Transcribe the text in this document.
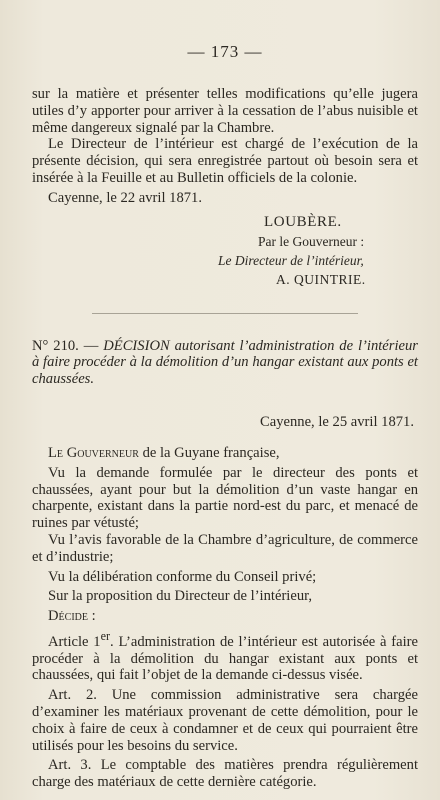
— 173 —

sur la matière et présenter telles modifications qu’elle jugera utiles d’y apporter pour arriver à la cessation de l’abus nuisible et même dangereux signalé par la Chambre.

Le Directeur de l’intérieur est chargé de l’exécution de la présente décision, qui sera enregistrée partout où besoin sera et insérée à la Feuille et au Bulletin officiels de la colonie.

Cayenne, le 22 avril 1871.

LOUBÈRE.
Par le Gouverneur :
Le Directeur de l’intérieur,
A. QUINTRIE.

N° 210. — DÉCISION autorisant l’administration de l’intérieur à faire procéder à la démolition d’un hangar existant aux ponts et chaussées.

Cayenne, le 25 avril 1871.

Le Gouverneur de la Guyane française,

Vu la demande formulée par le directeur des ponts et chaussées, ayant pour but la démolition d’un vaste hangar en charpente, existant dans la partie nord-est du parc, et menacé de ruines par vétusté;

Vu l’avis favorable de la Chambre d’agriculture, de commerce et d’industrie;

Vu la délibération conforme du Conseil privé;

Sur la proposition du Directeur de l’intérieur,

Décide :

Article 1er. L’administration de l’intérieur est autorisée à faire procéder à la démolition du hangar existant aux ponts et chaussées, qui fait l’objet de la demande ci-dessus visée.

Art. 2. Une commission administrative sera chargée d’examiner les matériaux provenant de cette démolition, pour le choix à faire de ceux à condamner et de ceux qui pourraient être utilisés pour les besoins du service.

Art. 3. Le comptable des matières prendra régulièrement charge des matériaux de cette dernière catégorie.
